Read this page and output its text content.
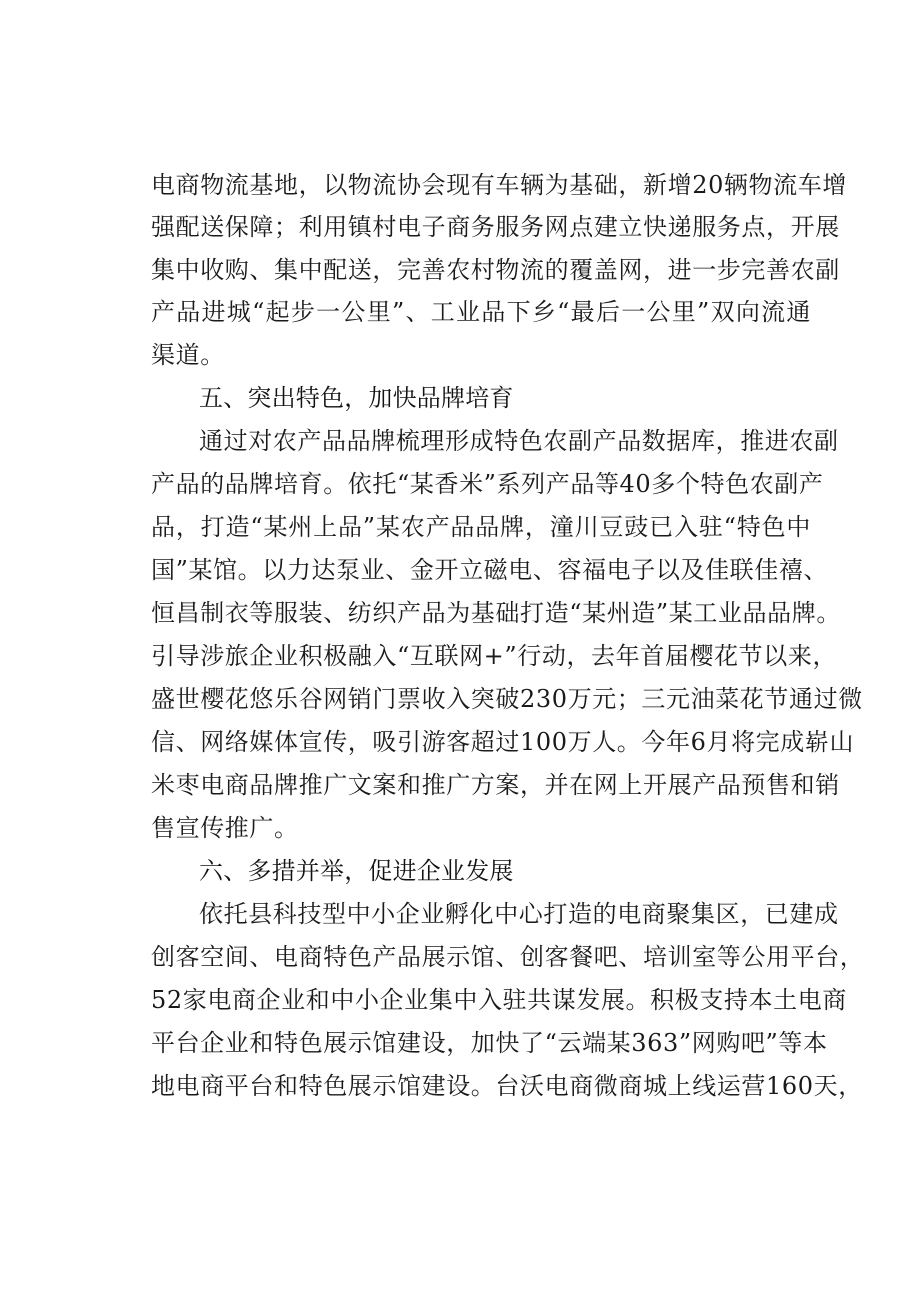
电商物流基地，以物流协会现有车辆为基础，新增20辆物流车增
强配送保障；利用镇村电子商务服务网点建立快递服务点，开展
集中收购、集中配送，完善农村物流的覆盖网，进一步完善农副
产品进城“起步一公里”、工业品下乡“最后一公里”双向流通
渠道。
五、突出特色，加快品牌培育
通过对农产品品牌梳理形成特色农副产品数据库，推进农副
产品的品牌培育。依托“某香米”系列产品等40多个特色农副产
品，打造“某州上品”某农产品品牌，潼川豆豉已入驻“特色中
国”某馆。以力达泵业、金开立磁电、容福电子以及佳联佳禧、
恒昌制衣等服装、纺织产品为基础打造“某州造”某工业品品牌。
引导涉旅企业积极融入“互联网+”行动，去年首届樱花节以来，
盛世樱花悠乐谷网销门票收入突破230万元；三元油菜花节通过微
信、网络媒体宣传，吸引游客超过100万人。今年6月将完成崭山
米枣电商品牌推广文案和推广方案，并在网上开展产品预售和销
售宣传推广。
六、多措并举，促进企业发展
依托县科技型中小企业孵化中心打造的电商聚集区，已建成
创客空间、电商特色产品展示馆、创客餐吧、培训室等公用平台，
52家电商企业和中小企业集中入驻共谋发展。积极支持本土电商
平台企业和特色展示馆建设，加快了“云端某363”网购吧”等本
地电商平台和特色展示馆建设。台沃电商微商城上线运营160天，
